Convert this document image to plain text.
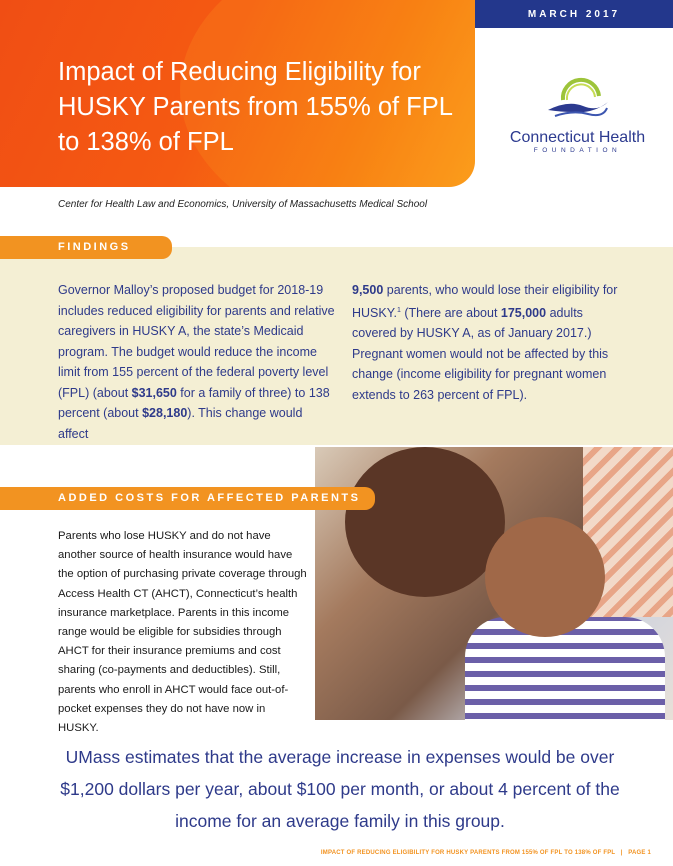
Impact of Reducing Eligibility for HUSKY Parents from 155% of FPL to 138% of FPL
MARCH 2017
Connecticut Health
FOUNDATION
Center for Health Law and Economics, University of Massachusetts Medical School
FINDINGS
Governor Malloy’s proposed budget for 2018-19 includes reduced eligibility for parents and relative caregivers in HUSKY A, the state’s Medicaid program. The budget would reduce the income limit from 155 percent of the federal poverty level (FPL) (about $31,650 for a family of three) to 138 percent (about $28,180). This change would affect
9,500 parents, who would lose their eligibility for HUSKY.$^1$ (There are about 175,000 adults covered by HUSKY A, as of January 2017.) Pregnant women would not be affected by this change (income eligibility for pregnant women extends to 263 percent of FPL).
ADDED COSTS FOR AFFECTED PARENTS
Parents who lose HUSKY and do not have another source of health insurance would have the option of purchasing private coverage through Access Health CT (AHCT), Connecticut’s health insurance marketplace. Parents in this income range would be eligible for subsidies through AHCT for their insurance premiums and cost sharing (co-payments and deductibles). Still, parents who enroll in AHCT would face out-of-pocket expenses they do not have now in HUSKY.
UMass estimates that the average increase in expenses would be over $1,200 dollars per year, about $100 per month, or about 4 percent of the income for an average family in this group.
IMPACT OF REDUCING ELIGIBILITY FOR HUSKY PARENTS FROM 155% OF FPL TO 138% OF FPL   |   PAGE 1
